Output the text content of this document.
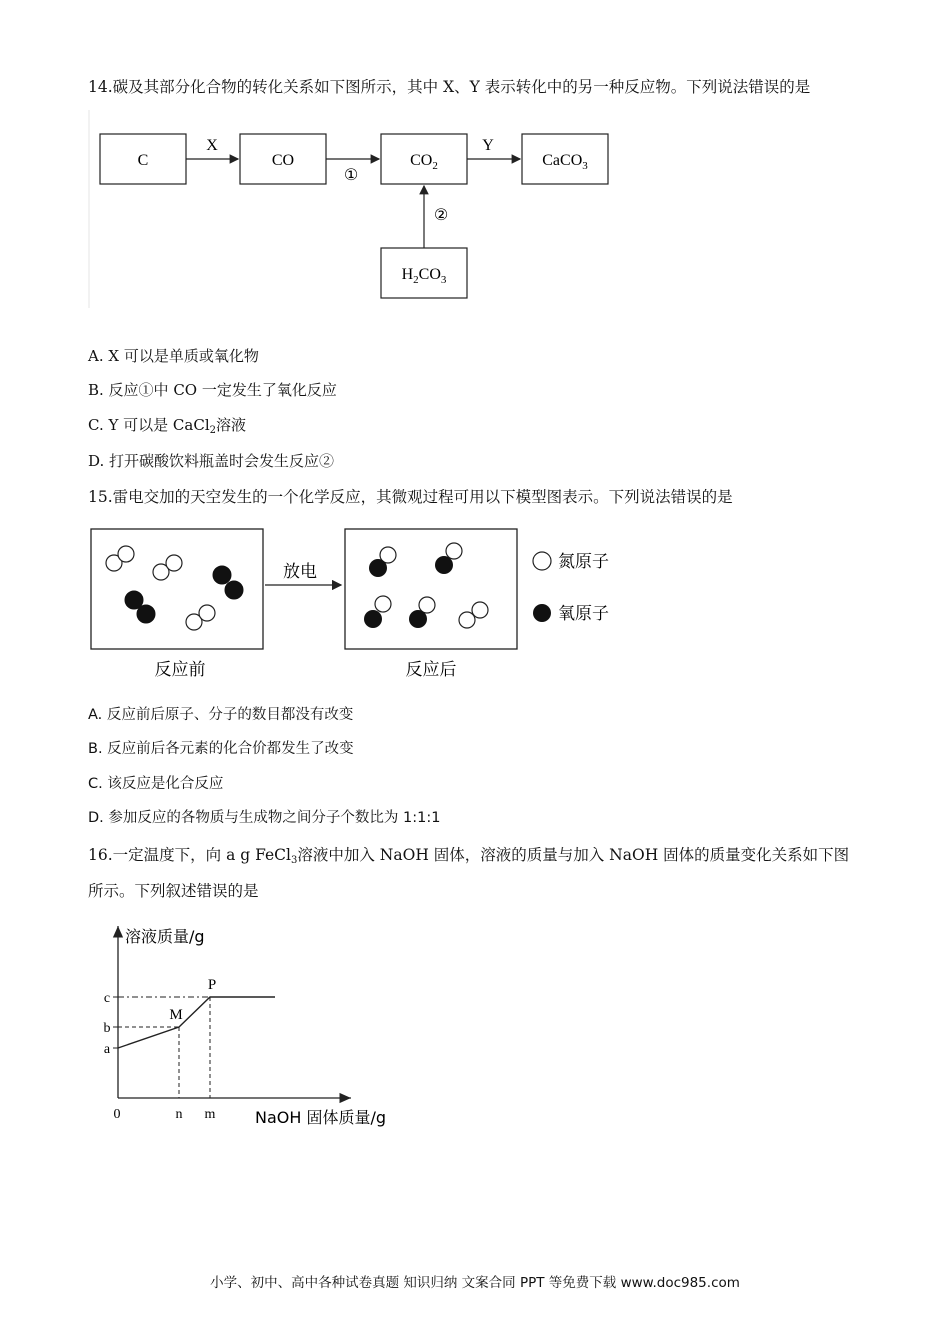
14.碳及其部分化合物的转化关系如下图所示，其中 X、Y 表示转化中的另一种反应物。下列说法错误的是
C	CO	$CO_2$	CaCO$_3$
$H_2CO_3$
X
①
Y
②
A. X 可以是单质或氧化物
B. 反应①中 CO 一定发生了氧化反应
C. Y 可以是 CaCl$_2$溶液
D. 打开碳酸饮料瓶盖时会发生反应②
15.雷电交加的天空发生的一个化学反应，其微观过程可用以下模型图表示。下列说法错误的是
放电	氮原子
氧原子
反应前	反应后
A. 反应前后原子、分子的数目都没有改变
B. 反应前后各元素的化合价都发生了改变
C. 该反应是化合反应
D. 参加反应的各物质与生成物之间分子个数比为 1:1:1
16.一定温度下，向 a g FeCl$_3$溶液中加入 NaOH 固体，溶液的质量与加入 NaOH 固体的质量变化关系如下图
所示。下列叙述错误的是
溶液质量/g
NaOH 固体质量/g
0
a
b
c
n m
M
P
小学、初中、高中各种试卷真题 知识归纳 文案合同 PPT 等免费下载 www.doc985.com
